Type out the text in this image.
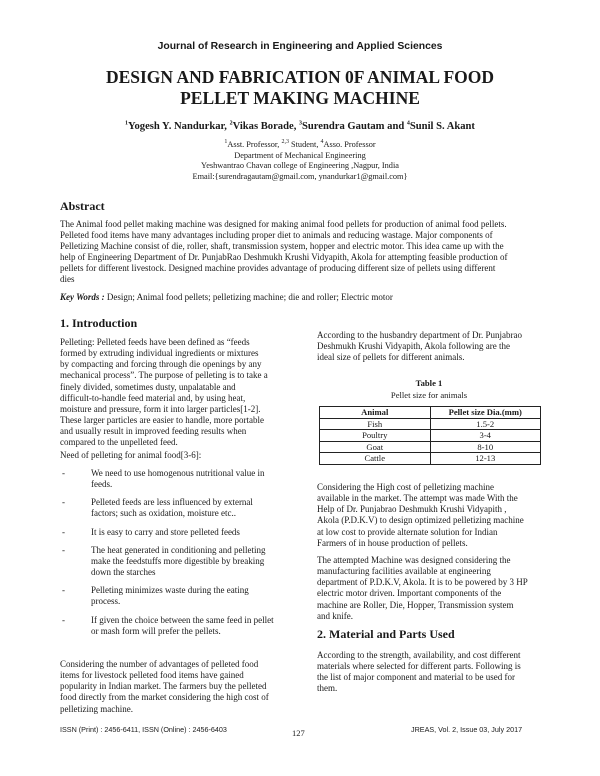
Journal of Research in Engineering and Applied Sciences
DESIGN AND FABRICATION 0F ANIMAL FOOD
PELLET MAKING MACHINE
$^1$Yogesh Y. Nandurkar, $^2$Vikas Borade, $^3$Surendra Gautam and $^4$Sunil S. Akant
$^1$Asst. Professor, $^{2,3}$ Student, $^4$Asso. Professor
Department of Mechanical Engineering
Yeshwantrao Chavan college of Engineering ,Nagpur, India
Email:{surendragautam@gmail.com, ynandurkar1@gmail.com}
Abstract
The Animal food pellet making machine was designed for making animal food pellets for production of animal food pellets.
Pelleted food items have many advantages including proper diet to animals and reducing wastage. Major components of
Pelletizing Machine consist of die, roller, shaft, transmission system, hopper and electric motor. This idea came up with the
help of Engineering Department of Dr. PunjabRao Deshmukh Krushi Vidyapith, Akola for attempting feasible production of
pellets for different livestock. Designed machine provides advantage of producing different size of pellets using different
dies
Key Words : Design; Animal food pellets; pelletizing machine; die and roller; Electric motor
1. Introduction
Pelleting: Pelleted feeds have been defined as “feeds
formed by extruding individual ingredients or mixtures
by compacting and forcing through die openings by any
mechanical process”. The purpose of pelleting is to take a
finely divided, sometimes dusty, unpalatable and
difficult-to-handle feed material and, by using heat,
moisture and pressure, form it into larger particles[1-2].
These larger particles are easier to handle, more portable
and usually result in improved feeding results when
compared to the unpelleted feed.
Need of pelleting for animal food[3-6]:
-	We need to use homogenous nutritional value in
feeds.
-	Pelleted feeds are less influenced by external
factors; such as oxidation, moisture etc..
-	It is easy to carry and store pelleted feeds
-	The heat generated in conditioning and pelleting
make the feedstuffs more digestible by breaking
down the starches
-	Pelleting minimizes waste during the eating
process.
-	If given the choice between the same feed in pellet
or mash form will prefer the pellets.
Considering the number of advantages of pelleted food
items for livestock pelleted food items have gained
popularity in Indian market. The farmers buy the pelleted
food directly from the market considering the high cost of
pelletizing machine.
According to the husbandry department of Dr. Punjabrao
Deshmukh Krushi Vidyapith, Akola following are the
ideal size of pellets for different animals.
Table 1
Pellet size for animals
Animal	Pellet size Dia.(mm)
Fish	1.5-2
Poultry	3-4
Goat	8-10
Cattle	12-13
Considering the High cost of pelletizing machine
available in the market. The attempt was made With the
Help of Dr. Punjabrao Deshmukh Krushi Vidyapith ,
Akola (P.D.K.V) to design optimized pelletizing machine
at low cost to provide alternate solution for Indian
Farmers of in house production of pellets.
The attempted Machine was designed considering the
manufacturing facilities available at engineering
department of P.D.K.V, Akola. It is to be powered by 3 HP
electric motor driven. Important components of the
machine are Roller, Die, Hopper, Transmission system
and knife.
2. Material and Parts Used
According to the strength, availability, and cost different
materials where selected for different parts. Following is
the list of major component and material to be used for
them.
ISSN (Print) : 2456-6411, ISSN (Online) : 2456-6403	127	JREAS, Vol. 2, Issue 03, July 2017
